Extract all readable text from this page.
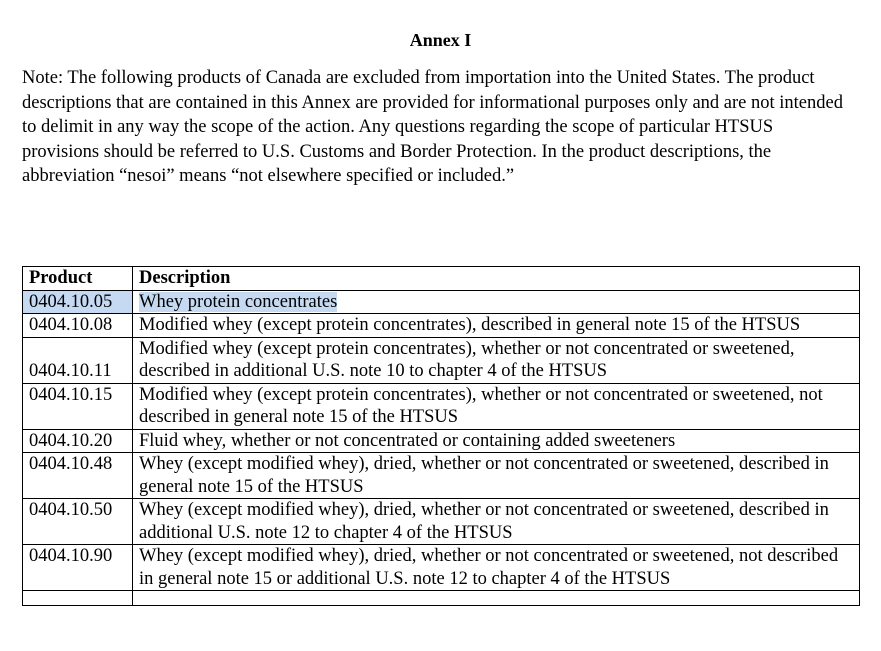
Annex I

Note: The following products of Canada are excluded from importation into the United States. The product descriptions that are contained in this Annex are provided for informational purposes only and are not intended to delimit in any way the scope of the action. Any questions regarding the scope of particular HTSUS provisions should be referred to U.S. Customs and Border Protection. In the product descriptions, the abbreviation “nesoi” means “not elsewhere specified or included.”

Product	Description
0404.10.05	Whey protein concentrates
0404.10.08	Modified whey (except protein concentrates), described in general note 15 of the HTSUS
0404.10.11	Modified whey (except protein concentrates), whether or not concentrated or sweetened, described in additional U.S. note 10 to chapter 4 of the HTSUS
0404.10.15	Modified whey (except protein concentrates), whether or not concentrated or sweetened, not described in general note 15 of the HTSUS
0404.10.20	Fluid whey, whether or not concentrated or containing added sweeteners
0404.10.48	Whey (except modified whey), dried, whether or not concentrated or sweetened, described in general note 15 of the HTSUS
0404.10.50	Whey (except modified whey), dried, whether or not concentrated or sweetened, described in additional U.S. note 12 to chapter 4 of the HTSUS
0404.10.90	Whey (except modified whey), dried, whether or not concentrated or sweetened, not described in general note 15 or additional U.S. note 12 to chapter 4 of the HTSUS
